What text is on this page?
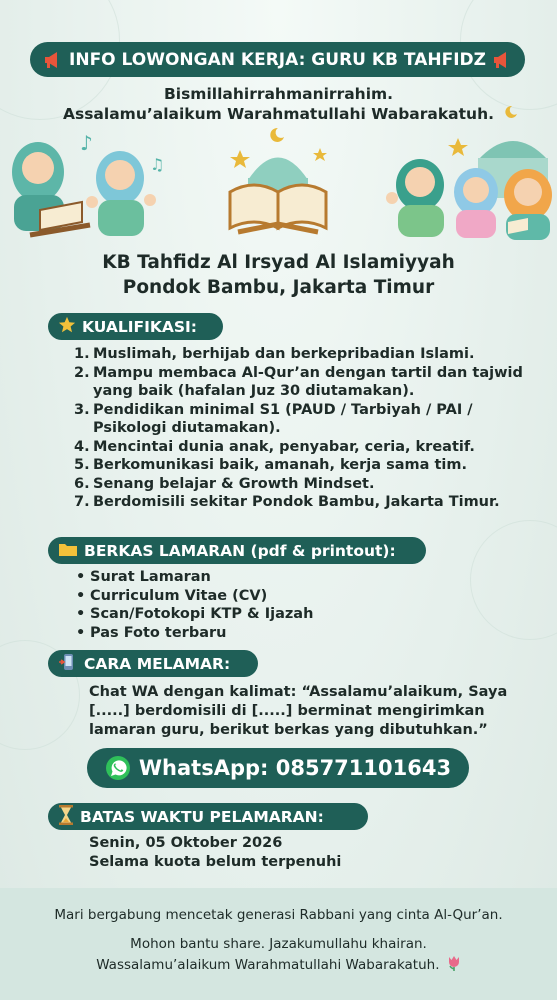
INFO LOWONGAN KERJA: GURU KB TAHFIDZ
Bismillahirrahmanirrahim.
Assalamu’alaikum Warahmatullahi Wabarakatuh.
♪
♫
KB Tahfidz Al Irsyad Al Islamiyyah
Pondok Bambu, Jakarta Timur
KUALIFIKASI:
1. Muslimah, berhijab dan berkepribadian Islami.
2. Mampu membaca Al-Qur’an dengan tartil dan tajwid yang baik (hafalan Juz 30 diutamakan).
3. Pendidikan minimal S1 (PAUD / Tarbiyah / PAI / Psikologi diutamakan).
4. Mencintai dunia anak, penyabar, ceria, kreatif.
5. Berkomunikasi baik, amanah, kerja sama tim.
6. Senang belajar & Growth Mindset.
7. Berdomisili sekitar Pondok Bambu, Jakarta Timur.
BERKAS LAMARAN (pdf & printout):
• Surat Lamaran
• Curriculum Vitae (CV)
• Scan/Fotokopi KTP & Ijazah
• Pas Foto terbaru
CARA MELAMAR:
Chat WA dengan kalimat: “Assalamu’alaikum, Saya [.....] berdomisili di [.....] berminat mengirimkan lamaran guru, berikut berkas yang dibutuhkan.”
WhatsApp: 085771101643
BATAS WAKTU PELAMARAN:
Senin, 05 Oktober 2026
Selama kuota belum terpenuhi
Mari bergabung mencetak generasi Rabbani yang cinta Al-Qur’an.
Mohon bantu share. Jazakumullahu khairan.
Wassalamu’alaikum Warahmatullahi Wabarakatuh.
